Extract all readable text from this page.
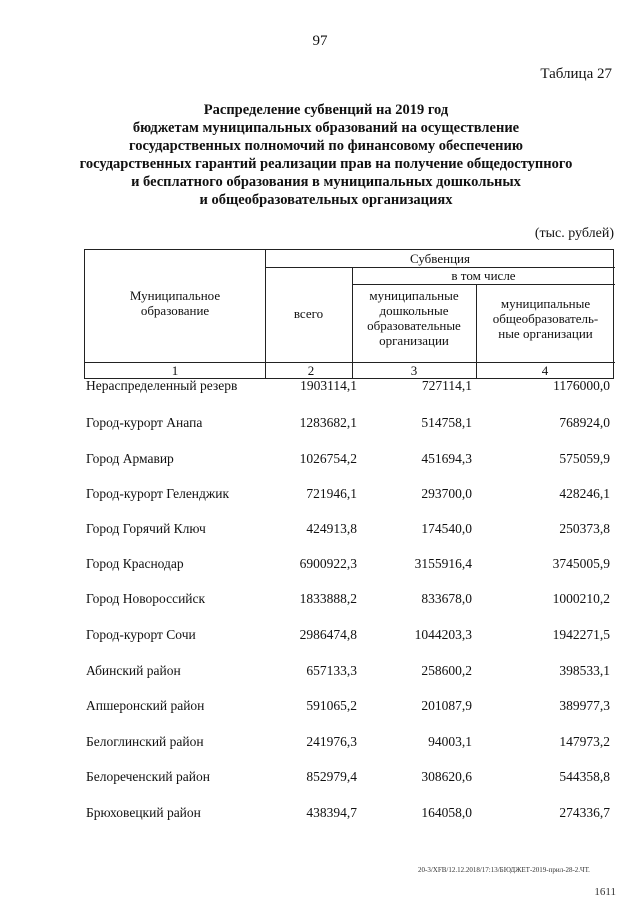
97
Таблица 27
Распределение субвенций на 2019 год
бюджетам муниципальных образований на осуществление
государственных полномочий по финансовому обеспечению
государственных гарантий реализации прав на получение общедоступного
и бесплатного образования в муниципальных дошкольных
и общеобразовательных организациях
(тыс. рублей)
Муниципальное
образование
Субвенция
в том числе
всего
муниципальные
дошкольные
образовательные
организации
муниципальные
общеобразователь-
ные организации
1	2	3	4
Нераспределенный резерв	1903114,1	727114,1	1176000,0
Город-курорт Анапа	1283682,1	514758,1	768924,0
Город Армавир	1026754,2	451694,3	575059,9
Город-курорт Геленджик	721946,1	293700,0	428246,1
Город Горячий Ключ	424913,8	174540,0	250373,8
Город Краснодар	6900922,3	3155916,4	3745005,9
Город Новороссийск	1833888,2	833678,0	1000210,2
Город-курорт Сочи	2986474,8	1044203,3	1942271,5
Абинский район	657133,3	258600,2	398533,1
Апшеронский район	591065,2	201087,9	389977,3
Белоглинский район	241976,3	94003,1	147973,2
Белореченский район	852979,4	308620,6	544358,8
Брюховецкий район	438394,7	164058,0	274336,7
20-3/XFB/12.12.2018/17:13/БЮДЖЕТ-2019-прил-28-2.ЧТ.
1611
